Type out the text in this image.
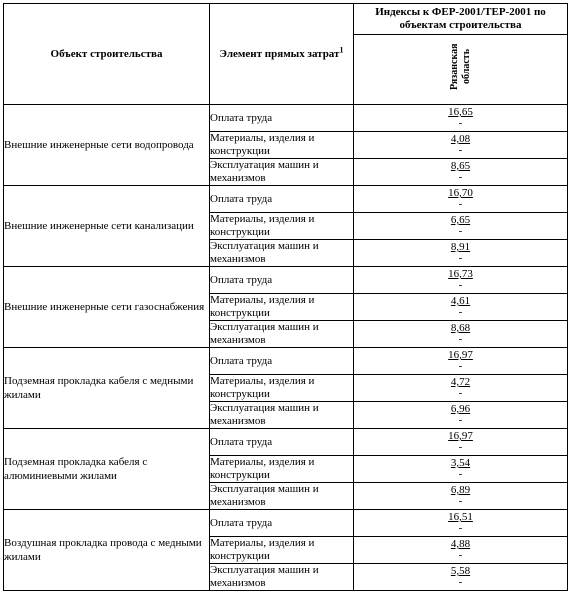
Объект строительства	Элемент прямых затрат$^1$	Индексы к ФЕР-2001/ТЕР-2001 по объектам строительства
		Рязанская область
Внешние инженерные сети водопровода	Оплата труда	16,65
-

	Материалы, изделия и конструкции	4,08
-

	Эксплуатация машин и механизмов	8,65
-

Внешние инженерные сети канализации	Оплата труда	16,70
-

	Материалы, изделия и конструкции	6,65
-

	Эксплуатация машин и механизмов	8,91
-

Внешние инженерные сети газоснабжения	Оплата труда	16,73
-

	Материалы, изделия и конструкции	4,61
-

	Эксплуатация машин и механизмов	8,68
-

Подземная прокладка кабеля с медными жилами	Оплата труда	16,97
-

	Материалы, изделия и конструкции	4,72
-

	Эксплуатация машин и механизмов	6,96
-

Подземная прокладка кабеля с алюминиевыми жилами	Оплата труда	16,97
-

	Материалы, изделия и конструкции	3,54
-

	Эксплуатация машин и механизмов	6,89
-

Воздушная прокладка провода с медными жилами	Оплата труда	16,51
-

	Материалы, изделия и конструкции	4,88
-

	Эксплуатация машин и механизмов	5,58
-
